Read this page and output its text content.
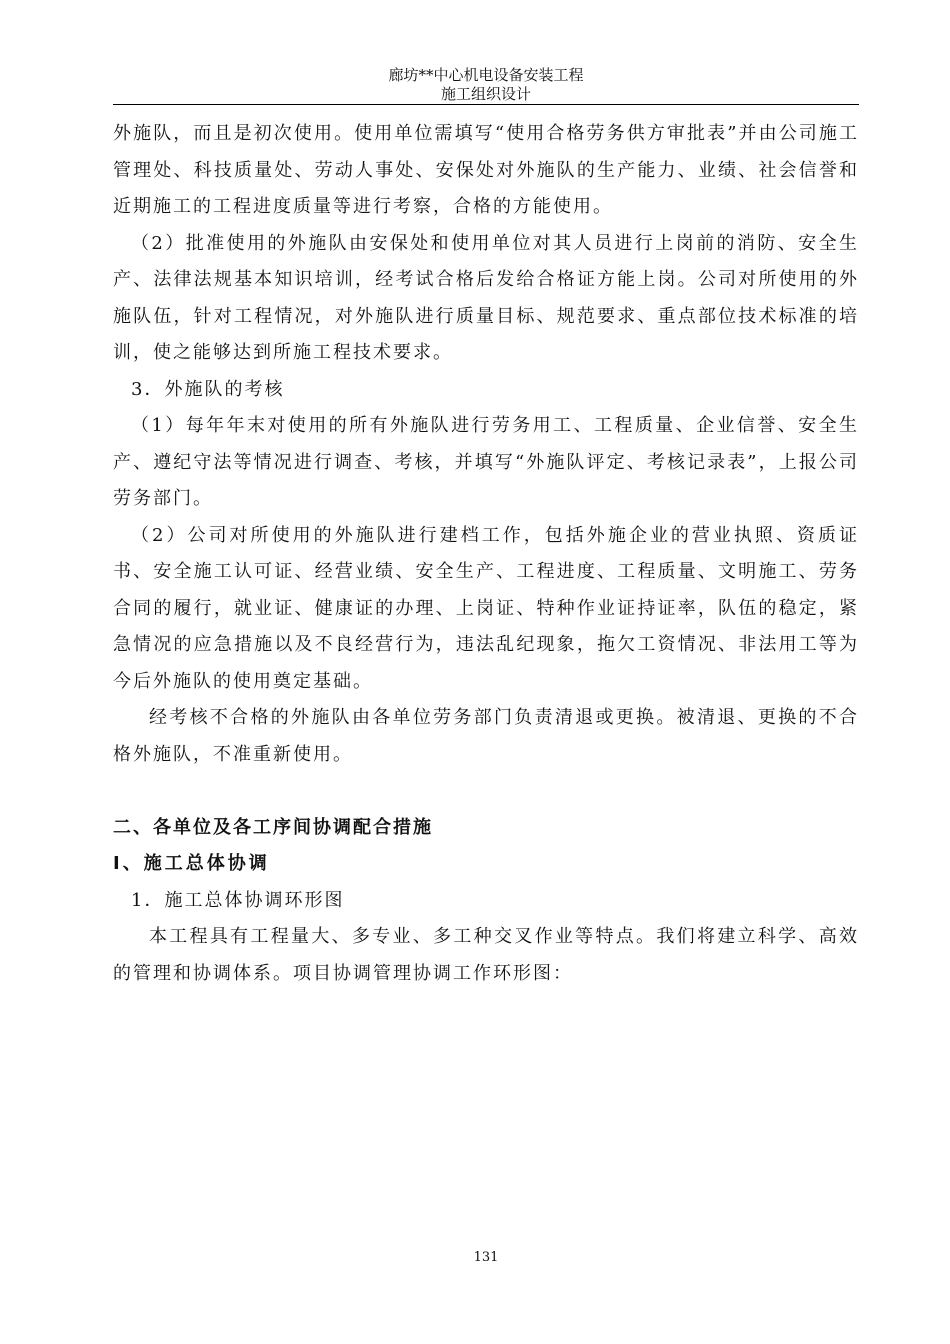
廊坊**中心机电设备安装工程
施工组织设计

外施队，而且是初次使用。使用单位需填写“使用合格劳务供方审批表”并由公司施工管理处、科技质量处、劳动人事处、安保处对外施队的生产能力、业绩、社会信誉和近期施工的工程进度质量等进行考察，合格的方能使用。

（2）批准使用的外施队由安保处和使用单位对其人员进行上岗前的消防、安全生产、法律法规基本知识培训，经考试合格后发给合格证方能上岗。公司对所使用的外施队伍，针对工程情况，对外施队进行质量目标、规范要求、重点部位技术标准的培训，使之能够达到所施工程技术要求。

3．外施队的考核

（1）每年年末对使用的所有外施队进行劳务用工、工程质量、企业信誉、安全生产、遵纪守法等情况进行调查、考核，并填写“外施队评定、考核记录表”，上报公司劳务部门。

（2）公司对所使用的外施队进行建档工作，包括外施企业的营业执照、资质证书、安全施工认可证、经营业绩、安全生产、工程进度、工程质量、文明施工、劳务合同的履行，就业证、健康证的办理、上岗证、特种作业证持证率，队伍的稳定，紧急情况的应急措施以及不良经营行为，违法乱纪现象，拖欠工资情况、非法用工等为今后外施队的使用奠定基础。

经考核不合格的外施队由各单位劳务部门负责清退或更换。被清退、更换的不合格外施队，不准重新使用。

二、各单位及各工序间协调配合措施

Ⅰ、施工总体协调

1．施工总体协调环形图

本工程具有工程量大、多专业、多工种交叉作业等特点。我们将建立科学、高效的管理和协调体系。项目协调管理协调工作环形图：

131
